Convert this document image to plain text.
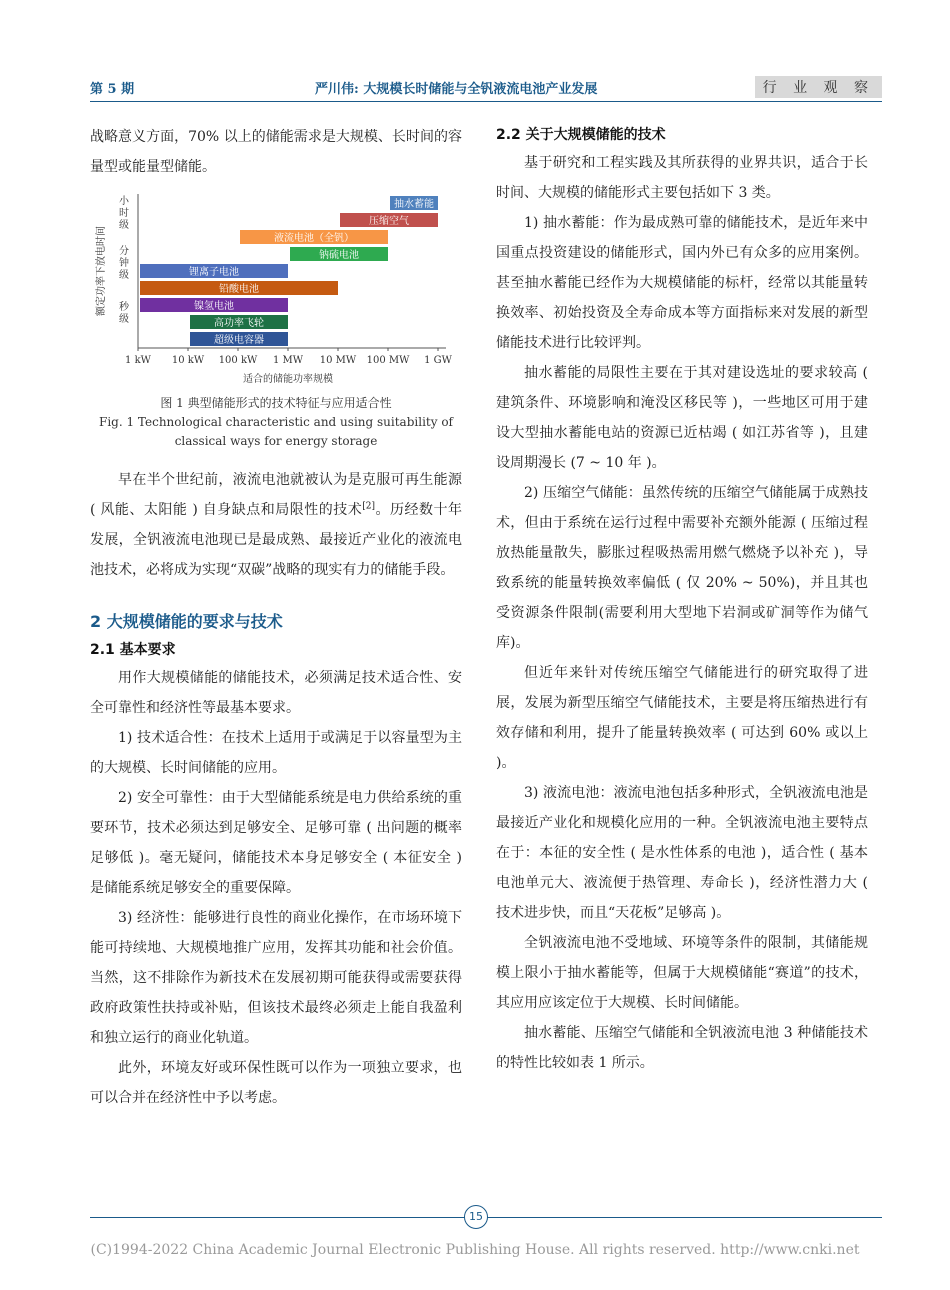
第 5 期	严川伟: 大规模长时储能与全钒液流电池产业发展	行 业 观 察

战略意义方面，70% 以上的储能需求是大规模、长时间的容量型或能量型储能。

1 kW 10 kW 100 kW 1 MW 10 MW 100 MW 1 GW
适合的储能功率规模
额定功率下放电时间
小
时
级
分
钟
级
秒
级
抽水蓄能
压缩空气
液流电池（全钒）
钠硫电池
锂离子电池
铅酸电池
镍氢电池
高功率飞轮
超级电容器
图 1 典型储能形式的技术特征与应用适合性
Fig. 1 Technological characteristic and using suitability of classical ways for energy storage

早在半个世纪前，液流电池就被认为是克服可再生能源 ( 风能、太阳能 ) 自身缺点和局限性的技术[2]。历经数十年发展，全钒液流电池现已是最成熟、最接近产业化的液流电池技术，必将成为实现“双碳”战略的现实有力的储能手段。

2 大规模储能的要求与技术
2.1 基本要求

用作大规模储能的储能技术，必须满足技术适合性、安全可靠性和经济性等最基本要求。

1) 技术适合性：在技术上适用于或满足于以容量型为主的大规模、长时间储能的应用。

2) 安全可靠性：由于大型储能系统是电力供给系统的重要环节，技术必须达到足够安全、足够可靠 ( 出问题的概率足够低 )。毫无疑问，储能技术本身足够安全 ( 本征安全 ) 是储能系统足够安全的重要保障。

3) 经济性：能够进行良性的商业化操作，在市场环境下能可持续地、大规模地推广应用，发挥其功能和社会价值。当然，这不排除作为新技术在发展初期可能获得或需要获得政府政策性扶持或补贴，但该技术最终必须走上能自我盈利和独立运行的商业化轨道。

此外，环境友好或环保性既可以作为一项独立要求，也可以合并在经济性中予以考虑。

2.2 关于大规模储能的技术

基于研究和工程实践及其所获得的业界共识，适合于长时间、大规模的储能形式主要包括如下 3 类。

1) 抽水蓄能：作为最成熟可靠的储能技术，是近年来中国重点投资建设的储能形式，国内外已有众多的应用案例。甚至抽水蓄能已经作为大规模储能的标杆，经常以其能量转换效率、初始投资及全寿命成本等方面指标来对发展的新型储能技术进行比较评判。

抽水蓄能的局限性主要在于其对建设选址的要求较高 ( 建筑条件、环境影响和淹没区移民等 )，一些地区可用于建设大型抽水蓄能电站的资源已近枯竭 ( 如江苏省等 )，且建设周期漫长 (7 ~ 10 年 )。

2) 压缩空气储能：虽然传统的压缩空气储能属于成熟技术，但由于系统在运行过程中需要补充额外能源 ( 压缩过程放热能量散失，膨胀过程吸热需用燃气燃烧予以补充 )，导致系统的能量转换效率偏低 ( 仅 20% ~ 50%)，并且其也受资源条件限制(需要利用大型地下岩洞或矿洞等作为储气库)。

但近年来针对传统压缩空气储能进行的研究取得了进展，发展为新型压缩空气储能技术，主要是将压缩热进行有效存储和利用，提升了能量转换效率 ( 可达到 60% 或以上 )。

3) 液流电池：液流电池包括多种形式，全钒液流电池是最接近产业化和规模化应用的一种。全钒液流电池主要特点在于：本征的安全性 ( 是水性体系的电池 )，适合性 ( 基本电池单元大、液流便于热管理、寿命长 )，经济性潜力大 ( 技术进步快，而且“天花板”足够高 )。

全钒液流电池不受地域、环境等条件的限制，其储能规模上限小于抽水蓄能等，但属于大规模储能“赛道”的技术，其应用应该定位于大规模、长时间储能。

抽水蓄能、压缩空气储能和全钒液流电池 3 种储能技术的特性比较如表 1 所示。

15
(C)1994-2022 China Academic Journal Electronic Publishing House. All rights reserved. http://www.cnki.net
